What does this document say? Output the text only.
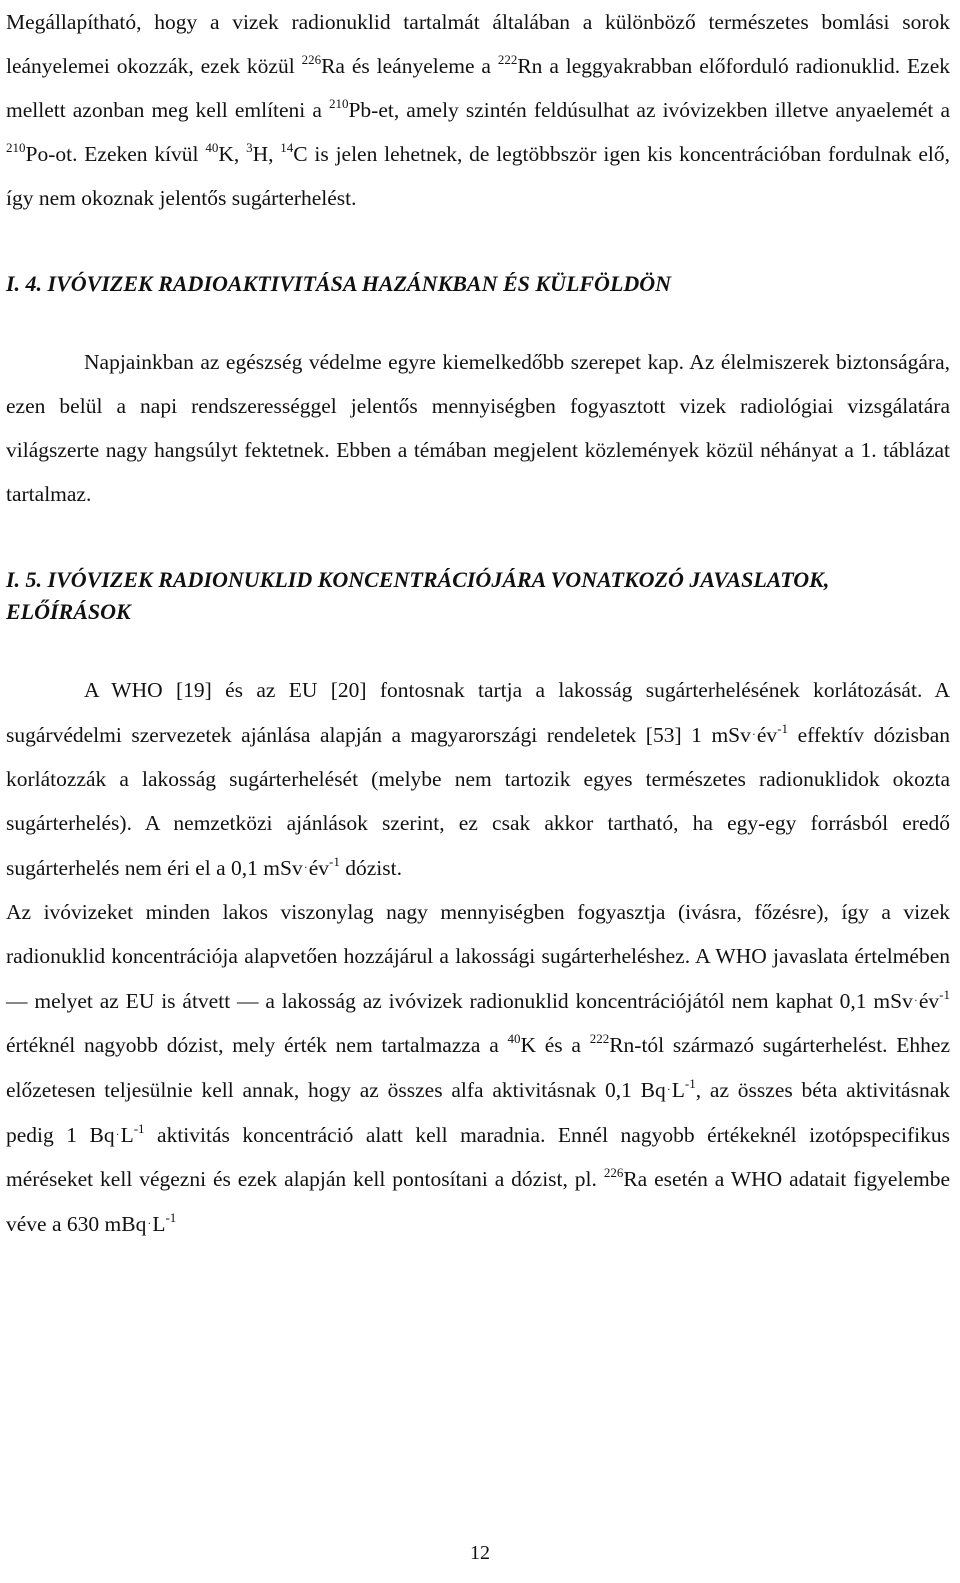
Megállapítható, hogy a vizek radionuklid tartalmát általában a különböző természetes bomlási sorok leányelemei okozzák, ezek közül $^{226}$Ra és leányeleme a $^{222}$Rn a leggyakrabban előforduló radionuklid. Ezek mellett azonban meg kell említeni a $^{210}$Pb-et, amely szintén feldúsulhat az ivóvizekben illetve anyaelemét a $^{210}$Po-ot. Ezeken kívül $^{40}$K, $^3$H, $^{14}$C is jelen lehetnek, de legtöbbször igen kis koncentrációban fordulnak elő, így nem okoznak jelentős sugárterhelést.

I. 4. IVÓVIZEK RADIOAKTIVITÁSA HAZÁNKBAN ÉS KÜLFÖLDÖN

Napjainkban az egészség védelme egyre kiemelkedőbb szerepet kap. Az élelmiszerek biztonságára, ezen belül a napi rendszerességgel jelentős mennyiségben fogyasztott vizek radiológiai vizsgálatára világszerte nagy hangsúlyt fektetnek. Ebben a témában megjelent közlemények közül néhányat a 1. táblázat tartalmaz.

I. 5. IVÓVIZEK RADIONUKLID KONCENTRÁCIÓJÁRA VONATKOZÓ JAVASLATOK, ELŐÍRÁSOK

A WHO [19] és az EU [20] fontosnak tartja a lakosság sugárterhelésének korlátozását. A sugárvédelmi szervezetek ajánlása alapján a magyarországi rendeletek [53] 1 $mSv\cdot év^{-1}$ effektív dózisban korlátozzák a lakosság sugárterhelését (melybe nem tartozik egyes természetes radionuklidok okozta sugárterhelés). A nemzetközi ajánlások szerint, ez csak akkor tartható, ha egy-egy forrásból eredő sugárterhelés nem éri el a 0,1 $mSv\cdot év^{-1}$ dózist.

Az ivóvizeket minden lakos viszonylag nagy mennyiségben fogyasztja (ivásra, főzésre), így a vizek radionuklid koncentrációja alapvetően hozzájárul a lakossági sugárterheléshez. A WHO javaslata értelmében — melyet az EU is átvett — a lakosság az ivóvizek radionuklid koncentrációjától nem kaphat 0,1 $mSv\cdot év^{-1}$ értéknél nagyobb dózist, mely érték nem tartalmazza a $^{40}$K és a $^{222}$Rn-tól származó sugárterhelést. Ehhez előzetesen teljesülnie kell annak, hogy az összes alfa aktivitásnak 0,1 $Bq\cdot L^{-1}$, az összes béta aktivitásnak pedig 1 $Bq\cdot L^{-1}$ aktivitás koncentráció alatt kell maradnia. Ennél nagyobb értékeknél izotópspecifikus méréseket kell végezni és ezek alapján kell pontosítani a dózist, pl. $^{226}$Ra esetén a WHO adatait figyelembe véve a 630 $mBq\cdot L^{-1}$

12
